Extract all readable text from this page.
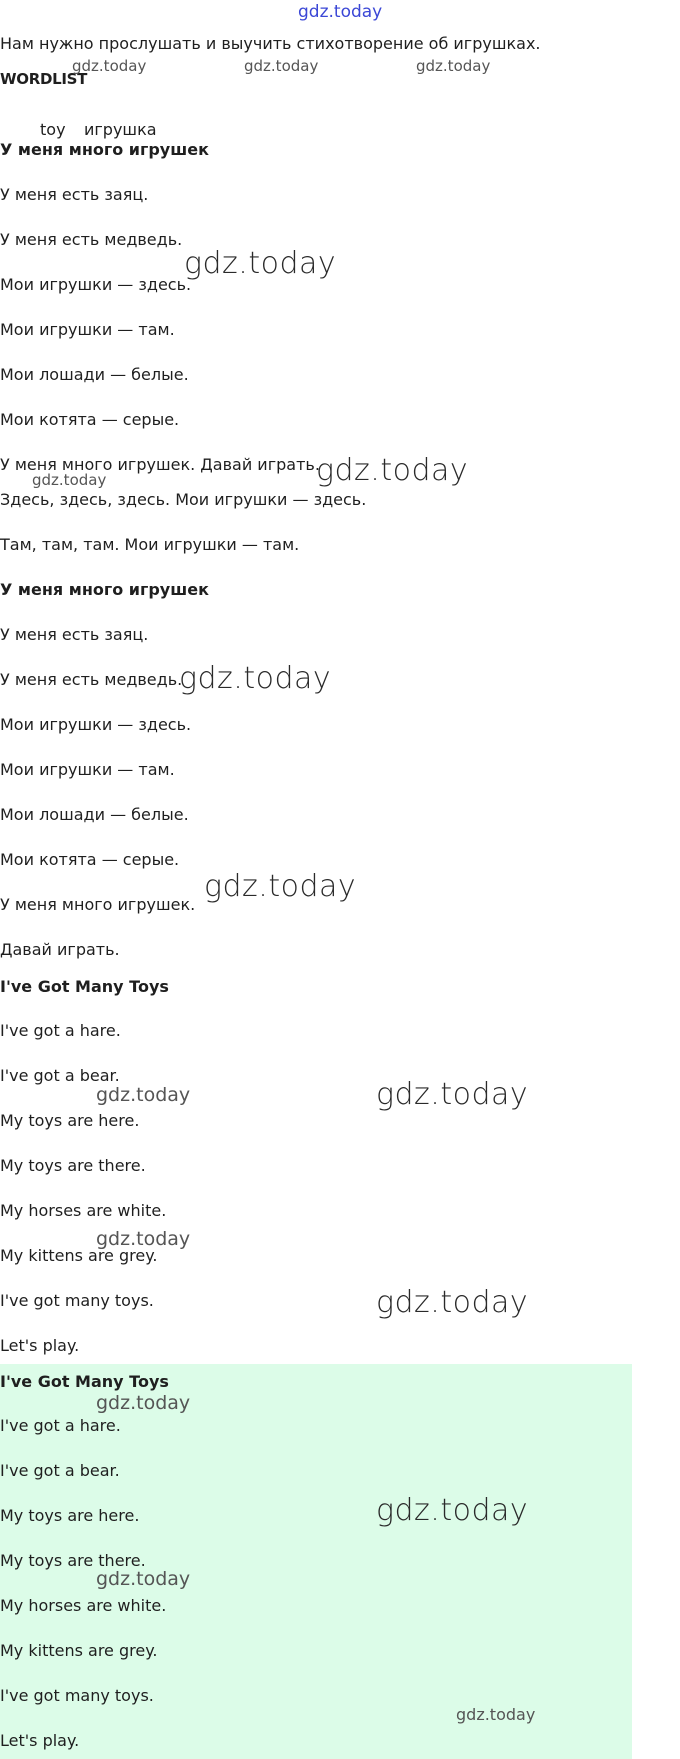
gdz.today
Нам нужно прослушать и выучить стихотворение об игрушках.
WORDLIST
gdz.today	gdz.today	gdz.today
toy игрушка
У меня много игрушек
У меня есть заяц.
У меня есть медведь.
Мои игрушки — здесь.
Мои игрушки — там.
Мои лошади — белые.
Мои котята — серые.
У меня много игрушек. Давай играть.
Здесь, здесь, здесь. Мои игрушки — здесь.
Там, там, там. Мои игрушки — там.
У меня много игрушек
У меня есть заяц.
У меня есть медведь.
Мои игрушки — здесь.
Мои игрушки — там.
Мои лошади — белые.
Мои котята — серые.
У меня много игрушек.
Давай играть.
I've Got Many Toys
I've got a hare.
I've got a bear.
My toys are here.
My toys are there.
My horses are white.
My kittens are grey.
I've got many toys.
Let's play.
I've Got Many Toys
I've got a hare.
I've got a bear.
My toys are here.
My toys are there.
My horses are white.
My kittens are grey.
I've got many toys.
Let's play.
gdz.today
gdz.today
gdz.today
gdz.today
gdz.today
gdz.today	gdz.today
gdz.today
gdz.today
gdz.today
gdz.today
gdz.today
gdz.today
